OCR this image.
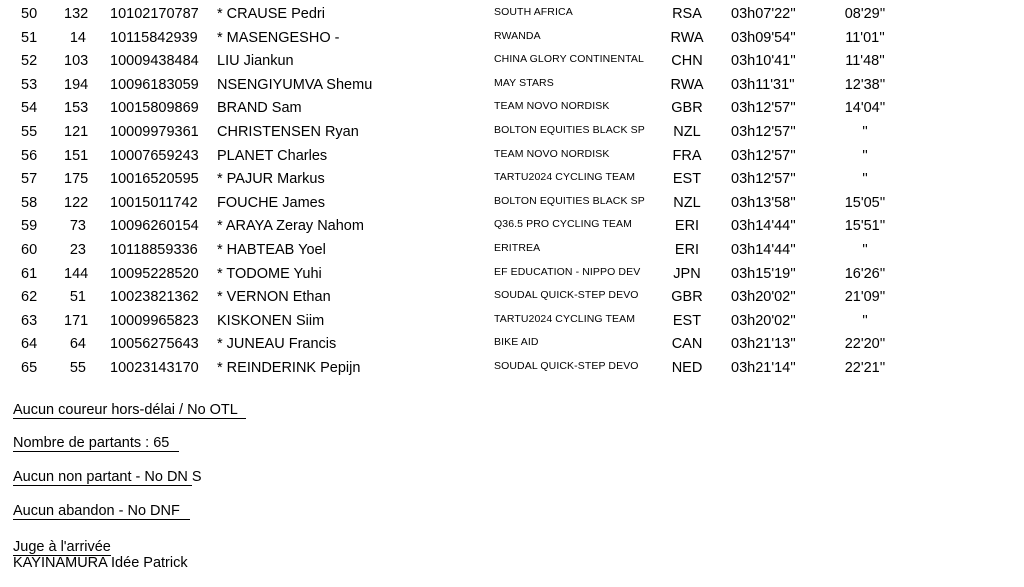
50 132 10102170787 * CRAUSE Pedri	SOUTH AFRICA	RSA 03h07'22''	08'29''
51	14 10115842939 * MASENGESHO -	RWANDA	RWA 03h09'54''	11'01''
52 103 10009438484 LIU Jiankun	CHINA GLORY CONTINENTAL CHN 03h10'41''	11'48''
53 194 10096183059 NSENGIYUMVA Shemu	MAY STARS	RWA 03h11'31''	12'38''
54 153 10015809869 BRAND Sam	TEAM NOVO NORDISK	GBR 03h12'57''	14'04''
55 121 10009979361 CHRISTENSEN Ryan	BOLTON EQUITIES BLACK SP	NZL	03h12'57''	''
56 151 10007659243 PLANET Charles	TEAM NOVO NORDISK	FRA	03h12'57''	''
57 175 10016520595 * PAJUR Markus	TARTU2024 CYCLING TEAM	EST	03h12'57''	''
58 122 10015011742 FOUCHE James	BOLTON EQUITIES BLACK SP	NZL	03h13'58''	15'05''
59	73 10096260154 * ARAYA Zeray Nahom	Q36.5 PRO CYCLING TEAM	ERI	03h14'44''	15'51''
60	23 10118859336 * HABTEAB Yoel	ERITREA	ERI	03h14'44''	''
61 144 10095228520 * TODOME Yuhi	EF EDUCATION - NIPPO DEV	JPN	03h15'19''	16'26''
62	51 10023821362 * VERNON Ethan	SOUDAL QUICK-STEP DEVO GBR 03h20'02''	21'09''
63 171 10009965823 KISKONEN Siim	TARTU2024 CYCLING TEAM	EST	03h20'02''	''
64	64 10056275643 * JUNEAU Francis	BIKE AID	CAN 03h21'13''	22'20''
65	55 10023143170 * REINDERINK Pepijn	SOUDAL QUICK-STEP DEVO NED 03h21'14''	22'21''
Aucun coureur hors-délai / No OTL
Nombre de partants : 65
Aucun non partant - No DN S
Aucun abandon - No DNF
Juge à l'arrivée
KAYINAMURA Idée Patrick
